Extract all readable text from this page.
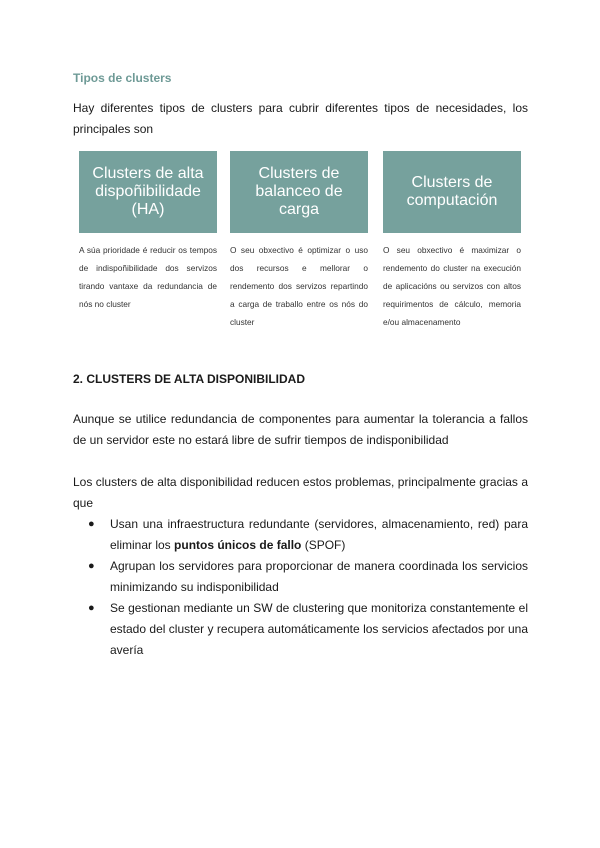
Tipos de clusters
Hay diferentes tipos de clusters para cubrir diferentes tipos de necesidades, los principales son
Clusters de alta dispoñibilidade (HA)
A súa prioridade é reducir os tempos de indispoñibilidade dos servizos tirando vantaxe da redundancia de nós no cluster
Clusters de balanceo de carga
O seu obxectivo é optimizar o uso dos recursos e mellorar o rendemento dos servizos repartindo a carga de traballo entre os nós do cluster
Clusters de computación
O seu obxectivo é maximizar o rendemento do cluster na execución de aplicacións ou servizos con altos requirimentos de cálculo, memoria e/ou almacenamento
2. CLUSTERS DE ALTA DISPONIBILIDAD
Aunque se utilice redundancia de componentes para aumentar la tolerancia a fallos de un servidor este no estará libre de sufrir tiempos de indisponibilidad
Los clusters de alta disponibilidad reducen estos problemas, principalmente gracias a que
● Usan una infraestructura redundante (servidores, almacenamiento, red) para eliminar los puntos únicos de fallo (SPOF)
● Agrupan los servidores para proporcionar de manera coordinada los servicios minimizando su indisponibilidad
● Se gestionan mediante un SW de clustering que monitoriza constantemente el estado del cluster y recupera automáticamente los servicios afectados por una avería
